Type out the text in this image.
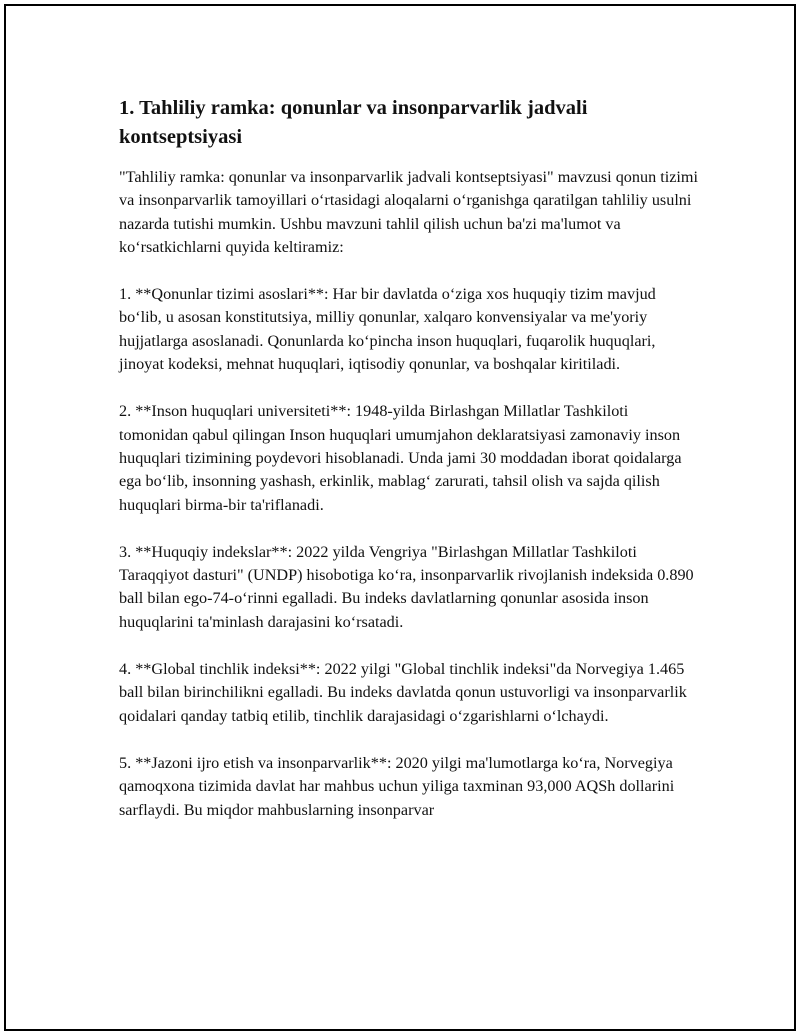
1. Tahliliy ramka: qonunlar va insonparvarlik jadvali kontseptsiyasi

"Tahliliy ramka: qonunlar va insonparvarlik jadvali kontseptsiyasi" mavzusi qonun tizimi va insonparvarlik tamoyillari oʻrtasidagi aloqalarni oʻrganishga qaratilgan tahliliy usulni nazarda tutishi mumkin. Ushbu mavzuni tahlil qilish uchun ba'zi ma'lumot va koʻrsatkichlarni quyida keltiramiz:

1. **Qonunlar tizimi asoslari**: Har bir davlatda oʻziga xos huquqiy tizim mavjud boʻlib, u asosan konstitutsiya, milliy qonunlar, xalqaro konvensiyalar va me'yoriy hujjatlarga asoslanadi. Qonunlarda koʻpincha inson huquqlari, fuqarolik huquqlari, jinoyat kodeksi, mehnat huquqlari, iqtisodiy qonunlar, va boshqalar kiritiladi.

2. **Inson huquqlari universiteti**: 1948-yilda Birlashgan Millatlar Tashkiloti tomonidan qabul qilingan Inson huquqlari umumjahon deklaratsiyasi zamonaviy inson huquqlari tizimining poydevori hisoblanadi. Unda jami 30 moddadan iborat qoidalarga ega boʻlib, insonning yashash, erkinlik, mablagʻ zarurati, tahsil olish va sajda qilish huquqlari birma-bir ta'riflanadi.

3. **Huquqiy indekslar**: 2022 yilda Vengriya "Birlashgan Millatlar Tashkiloti Taraqqiyot dasturi" (UNDP) hisobotiga koʻra, insonparvarlik rivojlanish indeksida 0.890 ball bilan ego-74-oʻrinni egalladi. Bu indeks davlatlarning qonunlar asosida inson huquqlarini ta'minlash darajasini koʻrsatadi.

4. **Global tinchlik indeksi**: 2022 yilgi "Global tinchlik indeksi"da Norvegiya 1.465 ball bilan birinchilikni egalladi. Bu indeks davlatda qonun ustuvorligi va insonparvarlik qoidalari qanday tatbiq etilib, tinchlik darajasidagi oʻzgarishlarni oʻlchaydi.

5. **Jazoni ijro etish va insonparvarlik**: 2020 yilgi ma'lumotlarga koʻra, Norvegiya qamoqxona tizimida davlat har mahbus uchun yiliga taxminan 93,000 AQSh dollarini sarflaydi. Bu miqdor mahbuslarning insonparvar
